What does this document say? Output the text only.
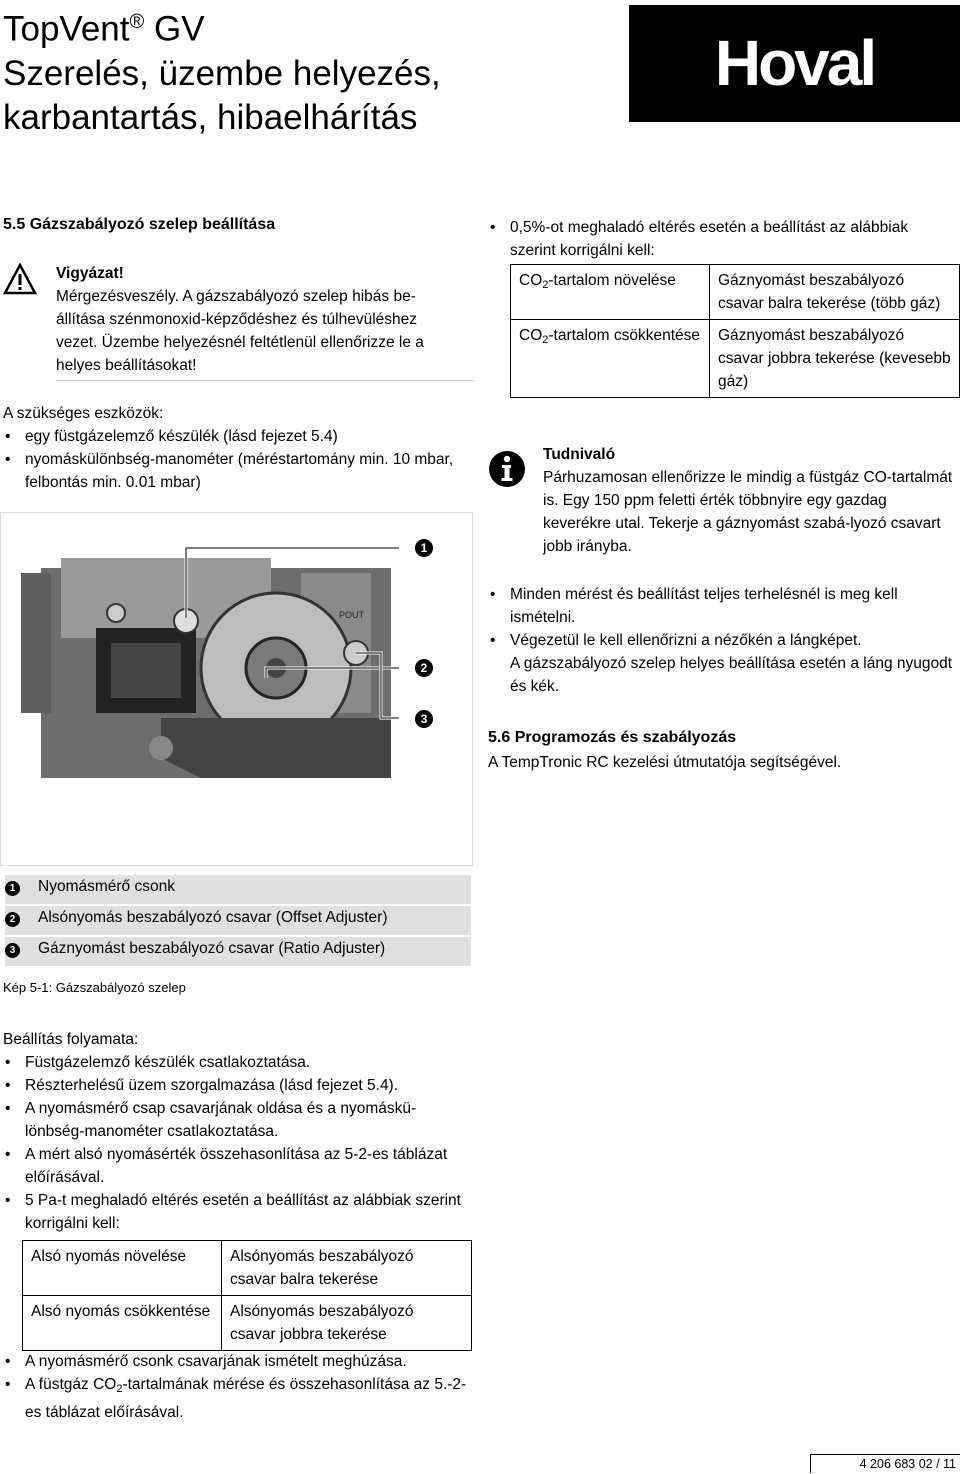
TopVent® GV
Szerelés, üzembe helyezés,
karbantartás, hibaelhárítás
Hoval
5.5 Gázszabályozó szelep beállítása
Vigyázat!
Mérgezésveszély. A gázszabályozó szelep hibás be-
állítása szénmonoxid-képződéshez és túlhevüléshez
vezet. Üzembe helyezésnél feltétlenül ellenőrizze le a
helyes beállításokat!
A szükséges eszközök:
• egy füstgázelemző készülék (lásd fejezet 5.4)
• nyomáskülönbség-manométer (méréstartomány min. 10 mbar, felbontás min. 0.01 mbar)
POUT
1
2
3
1	Nyomásmérő csonk
2	Alsónyomás beszabályozó csavar (Offset Adjuster)
3	Gáznyomást beszabályozó csavar (Ratio Adjuster)
Kép 5-1: Gázszabályozó szelep
Beállítás folyamata:
• Füstgázelemző készülék csatlakoztatása.
• Részterhelésű üzem szorgalmazása (lásd fejezet 5.4).
• A nyomásmérő csap csavarjának oldása és a nyomáskü-lönbség-manométer csatlakoztatása.
• A mért alsó nyomásérték összehasonlítása az 5-2-es táblázat előírásával.
• 5 Pa-t meghaladó eltérés esetén a beállítást az alábbiak szerint korrigálni kell:
Alsó nyomás növelése	Alsónyomás beszabályozó csavar balra tekerése
Alsó nyomás csökkentése	Alsónyomás beszabályozó csavar jobbra tekerése
• A nyomásmérő csonk csavarjának ismételt meghúzása.
• A füstgáz $CO_2$-tartalmának mérése és összehasonlítása az 5.-2-es táblázat előírásával.
• 0,5%-ot meghaladó eltérés esetén a beállítást az alábbiak szerint korrigálni kell:
$CO_2$-tartalom növelése	Gáznyomást beszabályozó csavar balra tekerése (több gáz)
$CO_2$-tartalom csökkentése	Gáznyomást beszabályozó csavar jobbra tekerése (kevesebb gáz)
Tudnivaló
Párhuzamosan ellenőrizze le mindig a füstgáz CO-tartalmát is. Egy 150 ppm feletti érték többnyire egy gazdag keverékre utal. Tekerje a gáznyomást szabá-lyozó csavart jobb irányba.
• Minden mérést és beállítást teljes terhelésnél is meg kell ismételni.
• Végezetül le kell ellenőrizni a nézőkén a lángképet.
A gázszabályozó szelep helyes beállítása esetén a láng nyugodt és kék.
5.6 Programozás és szabályozás
A TempTronic RC kezelési útmutatója segítségével.
4 206 683 02 / 11
